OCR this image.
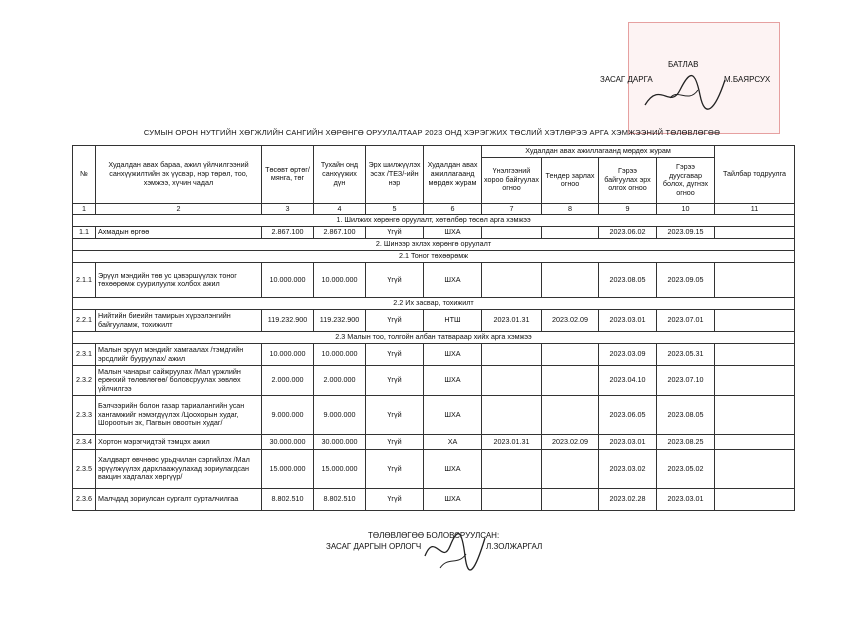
БАТЛАВ
ЗАСАГ ДАРГА	М.БАЯРСУХ
СУМЫН ОРОН НУТГИЙН ХӨГЖЛИЙН САНГИЙН ХӨРӨНГӨ ОРУУЛАЛТААР 2023 ОНД ХЭРЭГЖИХ ТӨСЛИЙ ХЭТЛӨРЭЭ АРГА ХЭМЖЭЭНИЙ ТӨЛӨВЛӨГӨӨ
№	Худалдан авах бараа, ажил үйлчилгээний санхүүжилтийн эх үүсвэр, нэр төрөл, тоо, хэмжээ, хүчин чадал	Төсөвт өртөг/ мянга, төг	Тухайн онд санхүүжих дүн	Эрх шилжүүлэх эсэх /ТЕЗ/-ийн нэр	Худалдан авах ажиллагаанд мөрдөх журам	Худалдан авах ажиллагаанд мөрдөх журам				Тайлбар тодруулга
						Үнэлгээний хороо байгуулах огноо	Тендер зарлах огноо	Гэрээ байгуулах эрх олгох огноо	Гэрээ дуусгавар болох, дүгнэх огноо	
1	2	3	4	5	6	7	8	9	10	11
1. Шилжих хөрөнгө оруулалт, хөтөлбөр төсөл арга хэмжээ										
1.1	Ахмадын өргөө	2.867.100	2.867.100	Үгүй	ШХА			2023.06.02	2023.09.15	
2. Шинээр эхлэх хөрөнгө оруулалт										
2.1 Тоног төхөөрөмж										
2.1.1	Эрүүл мэндийн төв ус цэвэршүүлэх тоног төхөөрөмж суурилуулж холбох ажил	10.000.000	10.000.000	Үгүй	ШХА			2023.08.05	2023.09.05	
2.2 Их засвар, тохижилт										
2.2.1	Нийтийн биеийн тамирын хүрээлэнгийн байгууламж, тохижилт	119.232.900	119.232.900	Үгүй	НТШ	2023.01.31	2023.02.09	2023.03.01	2023.07.01	
2.3 Малын тоо, толгойн албан татвараар хийх арга хэмжээ										
2.3.1	Малын эрүүл мэндийг хамгаалах /тэмдгийн эрсдлийг бууруулах/ ажил	10.000.000	10.000.000	Үгүй	ШХА			2023.03.09	2023.05.31	
2.3.2	Малын чанарыг сайжруулах /Мал үржлийн ерөнхий төлөвлөгөө/ боловсруулах зөвлөх үйлчилгээ	2.000.000	2.000.000	Үгүй	ШХА			2023.04.10	2023.07.10	
2.3.3	Бэлчээрийн болон газар тариалангийн усан хангамжийг нэмэгдүүлэх /Цоохорын худаг, Шороотын эх, Пагвын овоотын худаг/	9.000.000	9.000.000	Үгүй	ШХА			2023.06.05	2023.08.05	
2.3.4	Хортон мэрэгчидтэй тэмцэх ажил	30.000.000	30.000.000	Үгүй	ХА	2023.01.31	2023.02.09	2023.03.01	2023.08.25	
2.3.5	Халдварт өвчнөөс урьдчилан сэргийлэх /Мал эрүүлжүүлэх дархлаажуулахад зориулагдсан вакцин хадгалах хөргүүр/	15.000.000	15.000.000	Үгүй	ШХА			2023.03.02	2023.05.02	
2.3.6	Малчдад зориулсан сургалт сурталчилгаа	8.802.510	8.802.510	Үгүй	ШХА			2023.02.28	2023.03.01	
ТӨЛӨВЛӨГӨӨ БОЛОВСРУУЛСАН:
ЗАСАГ ДАРГЫН ОРЛОГЧ	Л.ЗОЛЖАРГАЛ
